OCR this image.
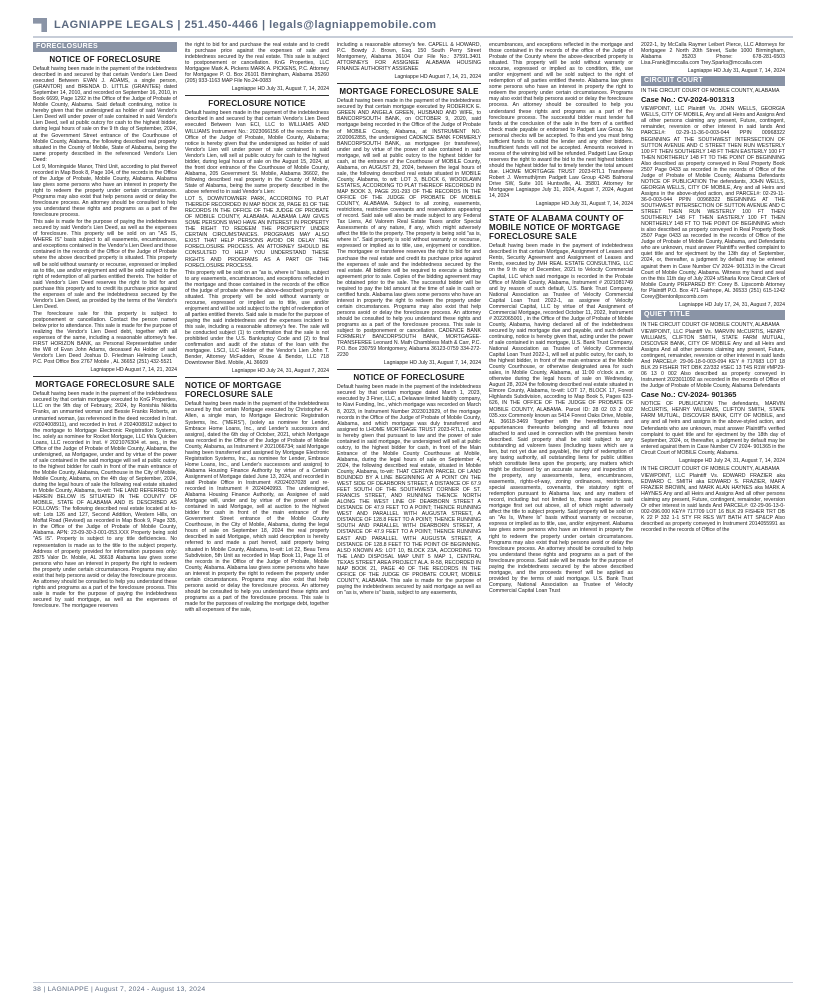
LAGNIAPPE LEGALS | 251.450-4466 | legals@lagniappemobile.com
FORECLOSURES
NOTICE OF FORECLOSURE

Default having been made in the payment of the indebtedness described in and secured by that certain Vendor's Lien Deed executed Between EVAN J. ADAMS, a single person, (GRANTOR) and BRENDA D. LITTLE (GRANTEE) dated September 14, 2010, and recorded on September 16, 2010, in Book 6699, Page 1292 in the Office of the Judge of Probate of Mobile County, Alabama. Said default continuing, notice is hereby given that the undersigned as holder of said Vendor's Lien Deed will under power of sale contained in said Vendor's Lien Deed, sell at public outcry for cash to the highest bidder, during legal hours of sale on the 9 th day of September, 2024, at the Government Street entrance of the Courthouse of Mobile County, Alabama, the following described real property situated in the County of Mobile, State of Alabama, being the same property described in the referenced Vendor's Lien Deed:

Lot 9, Morningside Manor, Third Unit, according to plat thereof recorded in Map Book 8, Page 104, of the records in the Office of the Judge of Probate, Mobile County, Alabama. Alabama law gives some persons who have an interest in property the right to redeem the property under certain circumstances. Programs may also exist that help persons avoid or delay the foreclosure process. An attorney should be consulted to help you understand these rights and programs as a part of the foreclosure process.

This sale is made for the purpose of paying the indebtedness secured by said Vendor's Lien Deed, as well as the expenses of foreclosure. This property will be sold on an "AS IS, WHERE IS" basis subject to all easements, encumbrances, and exceptions contained in the Vendor's Lien Deed and those contained in the records of the Office of the Judge of Probate where the above described property is situated. This property will be sold without warranty or recourse, expressed or implied as to title, use and/or enjoyment and will be sold subject to the right of redemption of all parties entitled thereto. The holder of said Vendor's Lien Deed reserves the right to bid for and purchase this property and to credit its purchase price against the expenses of sale and the indebtedness secured by the Vendor's Lien Deed, as provided by the terms of the Vendor's Lien Deed.

The foreclosure sale for this property is subject to postponement or cancellation. Contact the person named below prior to attendance. This sale is made for the purpose of realizing the Vendor's Lien Deed debt, together with all expenses of the same, including a reasonable attorney's fee. FIRST HORIZON BANK, as Personal Representative under the Will of Evan John Adams, deceased As Holder of said Vendor's Lien Deed Joshua D. Friedman Helmsing Leach, P.C. Post Office Box 2767 Mobile , AL 36652 (251) 432-5521

Lagniappe HD August 7, 14, 21, 2024
MORTGAGE FORECLOSURE SALE

Default having been made in the payment of the indebtedness secured by that certain mortgage executed to KnG Properties, LLC on the 9th day of February, 2024, by Ronishia Nikkita Franks, an unmarried woman and Bessie Franks Roberts, an unmarried woman, (as referenced in the deed recorded in Inst. #2024008911), and recorded in Inst. # 2024008912 subject to the mortgage to Mortgage Electronic Registration Systems, Inc. solely as nominee for Rocket Mortgage, LLC f/k/a Quicken Loans, LLC recorded in Inst. # 2021076304 et. seq., in the Office of the Judge of Probate of Mobile County, Alabama, the undersigned, as Mortgagee, under and by virtue of the power of sale contained in the said mortgage will sell at public outcry to the highest bidder for cash in front of the main entrance of the Mobile County, Alabama, Courthouse in the City of Mobile, Mobile County, Alabama, on the 4th day of September, 2024, during the legal hours of sale the following real estate situated in Mobile County, Alabama, to-wit: THE LAND REFERRED TO HEREIN BELOW IS SITUATED IN THE COUNTY OF MOBILE, STATE OF ALABAMA AND IS DESCRIBED AS FOLLOWS: The following described real estate located at to-wit: Lots 126 and 127, Second Addition, Western Hills, on Moffat Road (Revised) as recorded in Map Book 9, Page 335, in the Office of the Judge of Probate of Mobile County, Alabama. APN: 23-09-30-3-001-053.XXX Property being sold "AS IS". Property is subject to any title deficiencies. No representation is made as to the title to the subject property. Address of property provided for information purposes only: 2875 Valor Dr. Mobile, AL 36618 Alabama law gives some persons who have an interest in property the right to redeem the property under certain circumstances. Programs may also exist that help persons avoid or delay the foreclosure process. An attorney should be consulted to help you understand these rights and programs as a part of the foreclosure process. This sale is made for the purpose of paying the indebtedness secured by said mortgage, as well as the expenses of foreclosure. The mortgagee reserves

the right to bid for and purchase the real estate and to credit its purchase price against the expenses of sale and indebtedness secured by the real estate. This sale is subject to postponement or cancellation. KnG Properties, LLC Mortgagee Mark A. Pickens MARK A. PICKENS, P.C. Attorney for Mortgagee P. O. Box 26101 Birmingham, Alabama 35260 (205) 933-1163 MAP File No.24-0083

Lagniappe HD July 31, August 7, 14, 2024
FORECLOSURE NOTICE

Default having been made in the payment of the indebtedness described in and secured by that certain Vendor's Lien Deed executed Between Ivan ECI, LLC to WILLIAMS AND WILLIAMS Instrument No.: 2023066156 of the records in the Office of the Judge of Probate, Mobile County, Alabama; notice is hereby given that the undersigned as holder of said Vendor's Lien will under power of sale contained in said Vendor's Lien, will sell at public outcry for cash to the highest bidder, during legal hours of sale on the August 15, 2024, at the front door entrance of the Courthouse of Mobile County, Alabama, 205 Government St. Mobile, Alabama 36602, the following described real property in the County of Mobile, State of Alabama, being the same property described in the above referred to in said Vendor's Lien:

LOT 5, DOWNTOWNER PARK, ACCORDING TO PLAT THEREOF RECORDED IN MAP BOOK 28, PAGE 81 OF THE RECORDS IN THE OFFICE OF THE JUDGE OF PROBATE OF MOBILE COUNTY, ALABAMA. ALABAMA LAW GIVES SOME PERSONS WHO HAVE AN INTEREST IN PROPERTY THE RIGHT TO REDEEM THE PROPERTY UNDER CERTAIN CIRCUMSTANCES. PROGRAMS MAY ALSO EXIST THAT HELP PERSONS AVOID OR DELAY THE FORECLOSURE PROCESS. AN ATTORNEY SHOULD BE CONSULTED TO HELP YOU UNDERSTAND THESE RIGHTS AND PROGRAMS AS A PART OF THE FORECLOSURE PROCESS.

This property will be sold on an "as is, where is" basis, subject to any easements, encumbrances, and exceptions reflected in the mortgage and those contained in the records of the office of the judge of probate where the above-described property is situated. This property will be sold without warranty or recourse, expressed or implied as to title, use and/or enjoyment and will be sold subject to the right of redemption of all parties entitled thereto. Said sale is made for the purpose of paying the said indebtedness and the expenses incident to this sale, including a reasonable attorney's fee. The sale will be conducted subject (1) to confirmation that the sale is not prohibited under the U.S. Bankruptcy Code and (2) to final confirmation and audit of the status of the loan with the mortgagee. LSCI, LLC Holder of the Vendor's Lien John T. Bender, Attorney McFadden, Rouse & Bendor, LLC 718 Downtowner Blvd. Mobile, AL 36609

Lagniappe HD July 24, 31, August 7, 2024
NOTICE OF MORTGAGE FORECLOSURE SALE

Default having been made in the payment of the indebtedness secured by that certain Mortgage executed by Christopher A. Allen, a single man, to Mortgage Electronic Registration Systems, Inc. ("MERS"), (solely as nominee for Lender, Embrace Home Loans, Inc., and Lender's successors and assigns), dated the 6th day of October, 2021, which Mortgage was recorded in the Office of the Judge of Probate of Mobile County, Alabama, as Instrument # 2021066734; said Mortgage having been transferred and assigned by Mortgage Electronic Registration Systems, Inc., as nominee for Lender, Embrace Home Loans, Inc., and Lender's successors and assigns) to Alabama Housing Finance Authority by virtue of a Certain Assignment of Mortgage dated June 13, 2024, and recorded in said Probate Office in Instrument #2024037028 and re-recorded in Instrument # 2024040993. The undersigned, Alabama Housing Finance Authority, as Assignee of said Mortgage will, under and by virtue of the power of sale contained in said Mortgage, sell at auction to the highest bidder for cash in front of the main entrance of the Government Street entrance of the Mobile County Courthouse, in the City of Mobile, Alabama, during the legal hours of sale on September 18, 2024 the real property described in said Mortgage, which said description is hereby referred to and made a part hereof, said property being situated in Mobile County, Alabama, to-wit: Lot 22, Beau Terra Subdivision, 5th Unit as recorded in Map Book 11, Page 11 of the records in the Office of the Judge of Probate, Mobile County, Alabama. Alabama law gives some persons who have an interest in property the right to redeem the property under certain circumstances. Programs may also exist that help persons avoid or delay the foreclosure process. An attorney should be consulted to help you understand these rights and programs as a part of the foreclosure process. This sale is made for the purposes of realizing the mortgage debt, together with all expenses of the sale,

including a reasonable attorney's fee. CAPELL & HOWARD, P.C. Bowdy J. Brown, Esq. 150 South Perry Street Montgomery, Alabama 36104 Our File No.: 37591.3401 ATTORNEYS FOR ASSIGNEE ALABAMA HOUSING FINANCE AUTHORITY ASSIGNEE

Lagniappe HD August 7, 14, 21, 2024
MORTGAGE FORECLOSURE SALE

Default having been made in the payment of the indebtedness secured by that certain mortgage executed by RODERICK E. GREEN AND ANGELA GREEN, HUSBAND AND WIFE, to BANCORPSOUTH BANK, on OCTOBER 9, 2020, said mortgage being recorded in the Office of the Judge of Probate of MOBILE County, Alabama, at INSTRUMENT NO. 2020062855, the undersigned CADENCE BANK FORMERLY BANCORPSOUTH BANK, as mortgagee (or transferee), under and by virtue of the power of sale contained in said mortgage, will sell at public outcry to the highest bidder for cash, at the entrance of the Courthouse of MOBILE County, Alabama, on AUGUST 29, 2024, between the legal hours of sale, the following described real estate situated in MOBILE County, Alabama, to wit: LOT 3, BLOCK 6, WOODLAWN ESTATES, ACCORDING TO PLAT THEREOF RECORDED IN MAP BOOK 3, PAGE 291-293 OF THE RECORDS IN THE OFFICE OF THE JUDGE OF PROBATE OF MOBILE COUNTY, ALABAMA. Subject to all zoning, easements, restrictions, restrictive covenants and reservations appearing of record. Said sale will also be made subject to any Federal Tax Liens, Ad Valorem Real Estate Taxes and/or Special Assessments of any nature, if any, which might adversely affect the title to the property. The property is being sold "as is, where is". Said property is sold without warranty or recourse, expressed or implied as to title, use, enjoyment or condition. The mortgagee or transferee reserves the right to bid for and purchase the real estate and credit its purchase price against the expenses of sale and the indebtedness secured by the real estate. All bidders will be required to execute a bidding agreement prior to sale. Copies of the bidding agreement may be obtained prior to the sale. The successful bidder will be required to pay the bid amount at the time of sale in cash or certified funds. Alabama law gives some persons who have an interest in property the right to redeem the property under certain circumstances. Programs may also exist that help persons avoid or delay the foreclosure process. An attorney should be consulted to help you understand these rights and programs as a part of the foreclosure process. This sale is subject to postponement or cancellation. CADENCE BANK FORMERLY BANCORPSOUTH BANK, MORTGAGEE-TRANSFEREE Leonard N. Math Chambless Math & Carr, P.C. P.O. Box 230759 Montgomery, Alabama 36123-0759 334-272-2230

Lagniappe HD July 31, August 7, 14, 2024
NOTICE OF FORECLOSURE

Default having been made in the payment of the indebtedness secured by that certain mortgage dated March 1, 2023, executed by 3 Finer, LLC, a Delaware limited liability company, to Kiavi Funding, Inc., which mortgage was recorded on March 8, 2023, in Instrument Number 2023013929, of the mortgage records in the Office of the Judge of Probate of Mobile County, Alabama, and which mortgage was duly transferred and assigned to LHOME MORTGAGE TRUST 2023-RTL1, notice is hereby given that pursuant to law and the power of sale contained in said mortgage, the undersigned will sell at public outcry, to the highest bidder for cash, in front of the Main Entrance of the Mobile County Courthouse at Mobile, Alabama, during the legal hours of sale on September 4, 2024, the following described real estate, situated in Mobile County, Alabama, to-wit: THAT CERTAIN PARCEL OF LAND BOUNDED BY A LINE BEGINNING AT A POINT ON THE WEST SIDE OF DEARBORN STREET, A DISTANCE OF 67.9 FEET SOUTH OF THE SOUTHWEST CORNER OF ST. FRANCIS STREET, AND RUNNING THENCE NORTH ALONG THE WEST LINE OF DEARBORN STREET A DISTANCE OF 47.9 FEET TO A POINT; THENCE RUNNING WEST AND PARALLEL WITH AUGUSTA STREET, A DISTANCE OF 128.8 FEET TO A POINT; THENCE RUNNING SOUTH AND PARALLEL WITH DEARBORN STREET, A DISTANCE OF 47.9 FEET TO A POINT; THENCE RUNNING EAST AND PARALLEL WITH AUGUSTA STREET, A DISTANCE OF 128.8 FEET TO THE POINT OF BEGINNING. ALSO KNOWN AS: LOT 10, BLOCK 23A, ACCORDING TO THE LAND DISPOSAL MAP UNIT 5 MAP 1, CENTRAL TEXAS STREET AREA PROJECT ALA. R-58, RECORDED IN MAP BOOK 21, PAGE 40 OF THE RECORDS IN THE OFFICE OF THE JUDGE OF PROBATE COURT, MOBILE COUNTY, ALABAMA. This sale is made for the purpose of paying the indebtedness secured by said mortgage as well as on "as is, where is" basis, subject to any easements,

encumbrances, and exceptions reflected in the mortgage and those contained in the records of the office of the Judge of Probate of the County where the above-described property is situated. This property will be sold without warranty or recourse, expressed or implied as to condition, title, use and/or enjoyment and will be sold subject to the right of redemption of all parties entitled thereto. Alabama law gives some persons who have an interest in property the right to redeem the property under certain circumstances. Programs may also exist that help persons avoid or delay the foreclosure process. An attorney should be consulted to help you understand these rights and programs as a part of the foreclosure process. The successful bidder must tender full funds at the conclusion of the sale in the form of a certified check made payable or endorsed to Padgett Law Group. No personal checks will be accepted. To this end you must bring sufficient funds to outbid the lender and any other bidders. Insufficient funds will not be accepted. Amounts received in excess of the winning bid will be refunded. Padgett Law Group reserves the right to award the bid to the next highest bidders should the highest bidder fail to timely tender the total amount due. LHOME MORTGAGE TRUST 2023-RTL1 Transferee Robert J. Wermuth/jmm Padgett Law Group 4245 Balmoral Drive SW, Suite 101 Huntsville, AL 35801 Attorney for Mortgagee Lagniappe July 31, 2024, August 7, 2024, August 14, 2024

Lagniappe HD July 31, August 7, 14, 2024
STATE OF ALABAMA COUNTY OF MOBILE NOTICE OF MORTGAGE FORECLOSURE SALE

Default having been made in the payment of indebtedness described in that certain Mortgage, Assignment of Leases and Rents, Security Agreement and Assignment of Leases and Rents, executed by JMH REAL ESTATE CONSULTING, LLC on the 9 th day of December, 2021 to Velocity Commercial Capital, LLC which said mortgage is recorded in the Probate Office of Mobile County, Alabama, Instrument # 2021081749 and by reason of such default, U.S. Bank Trust Company, National Association as Trustee of Velocity Commercial Capital Loan Trust 2022-1, as assignee of Velocity Commercial Capital, LLC by virtue of that Assignment of Commercial Mortgage, recorded October 11, 2022, Instrument # 2022065001 , in the Office of the Judge of Probate of Mobile County, Alabama, having declared all of the indebtedness secured by said mortgage due and payable, and such default continuing, notice is hereby given that, acting under the power of sale contained in said mortgage, U.S. Bank Trust Company, National Association as Trustee of Velocity Commercial Capital Loan Trust 2022-1, will sell at public outcry, for cash, to the highest bidder, in front of the main entrance at the Mobile County Courthouse, or otherwise designated area for such sales, in Mobile County, Alabama, at 11:00 o'clock a.m. or otherwise during the legal hours of sale on Wednesday, August 28, 2024 the following described real estate situated in Elmore County, Alabama, to-wit: LOT 17, BLOCK 17, Forest Highlands Subdivision, according to Map Book 5, Pages 623-626, IN THE OFFICE OF THE JUDGE OF PROBATE OF MOBILE COUNTY, ALABAMA. Parcel ID: 28 02 03 2 002 035.xxx Commonly known as 5414 Forest Oaks Drive, Mobile, AL 36618-3469 Together with the hereditaments and appurtenances thereunto belonging and all fixtures now attached to and used in connection with the premises herein described. Said property shall be sold subject to any outstanding ad valorem taxes (including taxes which are a lien, but not yet due and payable), the right of redemption of any taxing authority, all outstanding liens for public utilities which constitute liens upon the property, any matters which might be disclosed by an accurate survey and inspection of the property, any assessments, liens, encumbrances, easements, rights-of-way, zoning ordinances, restrictions, special assessments, covenants, the statutory right of redemption pursuant to Alabama law, and any matters of record, including but not limited to, those superior to said mortgage first set out above, all of which might adversely affect the title to subject property. Said property will be sold on an "As Is, Where Is" basis without warranty or recourse, express or implied as to title, use, and/or enjoyment. Alabama law gives some persons who have an interest in property the right to redeem the property under certain circumstances. Programs may also exist that help persons avoid or delay the foreclosure process. An attorney should be consulted to help you understand these rights and programs as a part of the foreclosure process. Said sale will be made for the purpose of paying the indebtedness secured by the above described mortgage, and the proceeds thereof will be applied as provided by the terms of said mortgage. U.S. Bank Trust Company, National Association as Trustee of Velocity Commercial Capital Loan Trust

2022-1, by McCalla Raymer Leibert Pierce, LLC Attorneys for Mortgagee 2 North 20th Street, Suite 1000 Birmingham, Alabama 35203 Phone: 678-281-6503 Lisa.Frank@mccalla.com Trey.Sparks@mccalla.com

Lagniappe HD July 31, August 7, 14, 2024
CIRCUIT COURT

IN THE CIRCUIT COURT OF MOBILE COUNTY, ALABAMA

Case No.: CV-2024-901313

VIEWPOINT, LLC Plaintiff Vs. JOHN WELLS, GEORGIA WELLS, CITY OF MOBILE, Any and all Heirs and Assigns And all other persons claiming any present, Future, contingent, remainder, reversion or other interest in said lands And PARCEL#: 02-29-11-36-0-003-044 PPIN 00968322 BEGINNING AT THE SOUTHWEST INTERSECTION OF SUTTON AVENUE AND C STREET THEN RUN WESTERLY 100 FT THEN SOUTHERLY 148 FT THEN EASTERLY 100 FT THEN NORTHERLY 148 FT TO THE POINT OF BEGINNING Also described as property conveyed in Real Property Book 2507 Page 0433 as recorded in the records of Office of the Judge of Probate of Mobile County, Alabama Defendants NOTICE OF PUBLICATION The defendants, JOHN WELLS, GEORGIA WELLS, CITY OF MOBILE, Any and all Heirs and Assigns in the above-styled action, and PARCEL#: 02-29-11-36-0-003-044 PPIN 00968322 BEGINNING AT THE SOUTHWEST INTERSECTION OF SUTTON AVENUE AND C STREET THEN RUN WESTERLY 100 FT THEN SOUTHERLY 148 FT THEN EASTERLY 100 FT THEN NORTHERLY 148 FT TO THE POINT OF BEGINNING which is also described as property conveyed in Real Property Book 2507 Page 0433 as recorded in the records of Office of the Judge of Probate of Mobile County, Alabama, and Defendants who are unknown, must answer Plaintiff's verified complaint to quiet title and for ejectment by the 13th day of September, 2024, or, thereafter, a judgment by default may be entered against them in Case Number CV 2024- 901313 in the Circuit Court of Mobile County, Alabama. Witness my hand and seal on the this 11th day of July 2024 s/Sharla Knox Circuit Clerk of Mobile County PREPARED BY: Corey B. Lipscomb Attorney for Plaintiff P.O. Box 471 Fairhope, AL 36533 (251) 615-1242 Corey@bentonlipscomb.com

Lagniappe HD July 17, 24, 31, August 7, 2024
QUIET TITLE

IN THE CIRCUIT COURT OF MOBILE COUNTY, ALABAMA

VIEWPOINT, LLC Plaintiff Vs. MARVIN McCURTIS, HENRY WILLIAMS, CLIFTON SMITH, STATE FARM MUTUAL, DISCOVER BANK, CITY OF MOBILE Any and all Heirs and Assigns And all other persons claiming any present, Future, contingent, remainder, reversion or other interest in said lands And PARCEL#: 29-06-18-0-003-094 KEY # 717683 LOT 18 BLK 29 FISHER TRT DBK 22/332 #SEC 13 T4S R1W #MP29-06 13 0 002 Also described as property conveyed in Instrument 2023011092 as recorded in the records of Office of the Judge of Probate of Mobile County, Alabama Defendants

Case No.: CV-2024- 901365

NOTICE OF PUBLICATION The defendants, MARVIN McCURTIS, HENRY WILLIAMS, CLIFTON SMITH, STATE FARM MUTUAL, DISCOVER BANK, CITY OF MOBILE, and any and all heirs and assigns in the above-styled action, and Defendants who are unknown, must answer Plaintiff's verified complaint to quiet title and for ejectment by the 18th day of September, 2024, or, thereafter, a judgment by default may be entered against them in Case Number CV 2024- 901365 in the Circuit Court of MOBILE County, Alabama.

Lagniappe HD July 24, 31, August 7, 14, 2024

IN THE CIRCUIT COURT OF MOBILE COUNTY, ALABAMA

VIEWPOINT, LLC Plaintiff Vs. EDWARD FRAZIER aka EDWARD C. SMITH aka EDWARD S. FRAZIER, MARY FRAZIER BROWN, and MARK ALAN HAYNES aka MARK A HAYNES Any and all Heirs and Assigns And all other persons claiming any present, Future, contingent, remainder, reversion Or other interest in said lands And PARCEL#: 02-29-06-13-0-002-096.000 KEY# 717709 LOT 16 BLK 29 FISHER TRT DB K 22 P 332 1-1 STY FR RES W/T BATH ATT SP&CP Also described as property conveyed in Instrument 2014055991 as recorded in the records of Office of the

38 | LAGNIAPPE | August 7, 2024 - August 13, 2024
